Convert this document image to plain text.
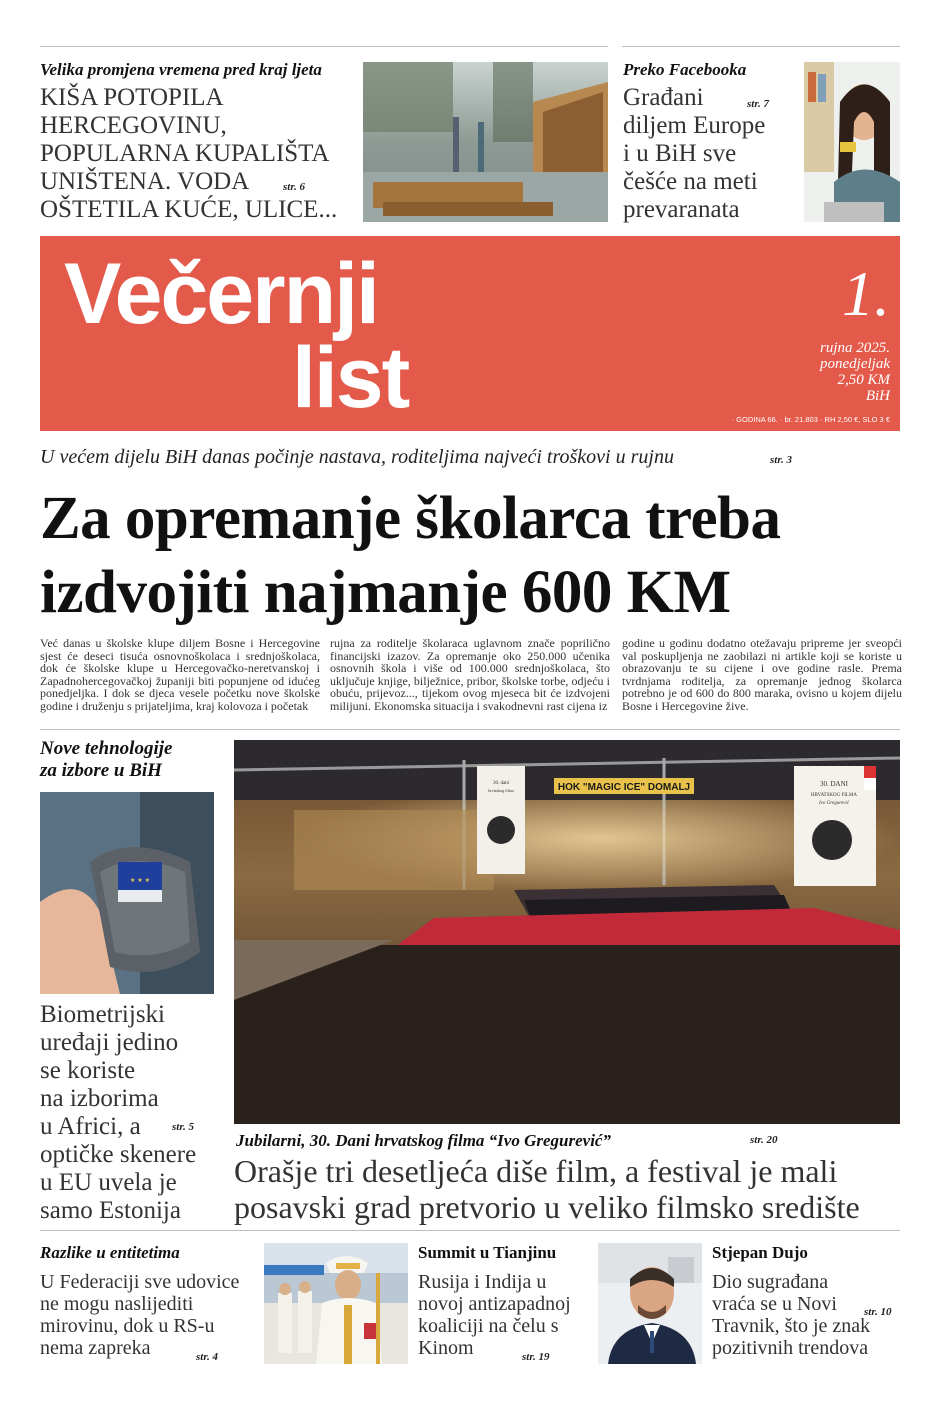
Velika promjena vremena pred kraj ljeta
KIŠA POTOPILA
HERCEGOVINU,
POPULARNA KUPALIŠTA
UNIŠTENA. VODA
OŠTETILA KUĆE, ULICE...
str. 6
Preko Facebooka
Građani
diljem Europe
i u BiH sve
češće na meti
prevaranata
str. 7
Večernji
list
1.
rujna 2025.
ponedjeljak
2,50 KM
BiH
· GODINA 66. · br. 21.803 · RH 2,50 €, SLO 3 €
U većem dijelu BiH danas počinje nastava, roditeljima najveći troškovi u rujnu	str. 3
Za opremanje školarca treba
izdvojiti najmanje 600 KM
Već danas u školske klupe diljem Bosne i Hercegovine sjest će deseci tisuća osnovnoškolaca i srednjoškolaca, dok će školske klupe u Hercegovačko-neretvanskoj i Zapadnohercegovačkoj županiji biti popunjene od idućeg ponedjeljka. I dok se djeca vesele početku nove školske godine i druženju s prijateljima, kraj kolovoza i početak
rujna za roditelje školaraca uglavnom znače poprilično financijski izazov. Za opremanje oko 250.000 učenika osnovnih škola i više od 100.000 srednjoškolaca, što uključuje knjige, bilježnice, pribor, školske torbe, odjeću i obuću, prijevoz..., tijekom ovog mjeseca bit će izdvojeni milijuni. Ekonomska situacija i svakodnevni rast cijena iz
godine u godinu dodatno otežavaju pripreme jer sveopći val poskupljenja ne zaobilazi ni artikle koji se koriste u obrazovanju te su cijene i ove godine rasle. Prema tvrdnjama roditelja, za opremanje jednog školarca potrebno je od 600 do 800 maraka, ovisno u kojem dijelu Bosne i Hercegovine žive.
Nove tehnologije
za izbore u BiH
★ ★ ★
Biometrijski
uređaji jedino
se koriste
na izborima
u Africi, a
optičke skenere
u EU uvela je
samo Estonija
str. 5
HOK "MAGIC ICE" DOMALJ
30. dani
hrvatskog filma
30. DANI
HRVATSKOG FILMA
Ivo Gregurević
Jubilarni, 30. Dani hrvatskog filma “Ivo Gregurević”	str. 20
Orašje tri desetljeća diše film, a festival je mali
posavski grad pretvorio u veliko filmsko središte
Razlike u entitetima
U Federaciji sve udovice
ne mogu naslijediti
mirovinu, dok u RS-u
nema zapreka	str. 4
Summit u Tianjinu
Rusija i Indija u
novoj antizapadnoj
koaliciji na čelu s
Kinom	str. 19
Stjepan Dujo
Dio sugrađana
vraća se u Novi
Travnik, što je znak
pozitivnih trendova
str. 10
